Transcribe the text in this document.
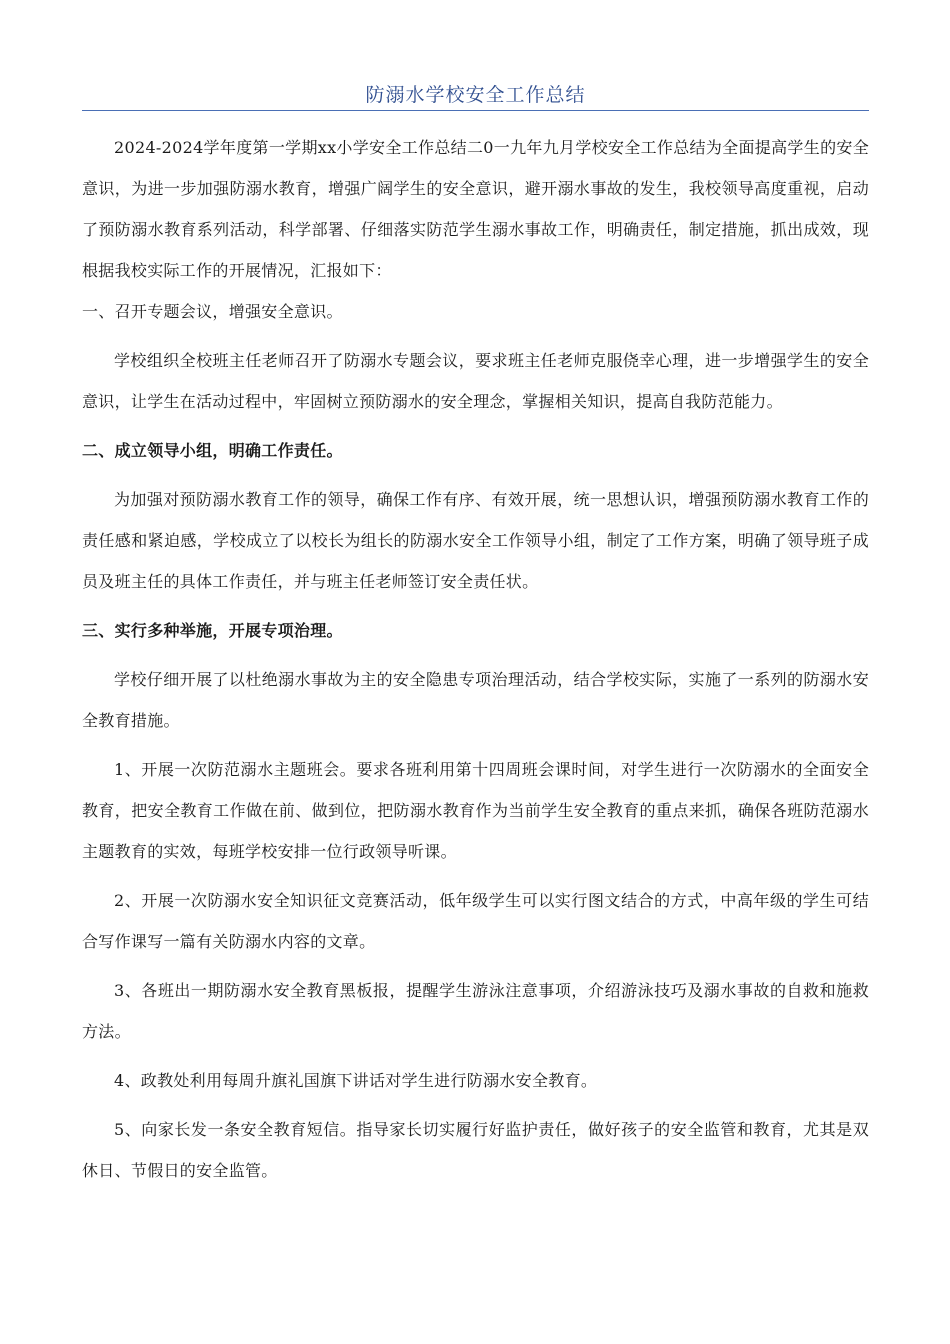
防溺水学校安全工作总结

2024-2024学年度第一学期xx小学安全工作总结二0一九年九月学校安全工作总结为全面提高学生的安全意识，为进一步加强防溺水教育，增强广阔学生的安全意识，避开溺水事故的发生，我校领导高度重视，启动了预防溺水教育系列活动，科学部署、仔细落实防范学生溺水事故工作，明确责任，制定措施，抓出成效，现根据我校实际工作的开展情况，汇报如下：

一、召开专题会议，增强安全意识。

学校组织全校班主任老师召开了防溺水专题会议，要求班主任老师克服侥幸心理，进一步增强学生的安全意识，让学生在活动过程中，牢固树立预防溺水的安全理念，掌握相关知识，提高自我防范能力。

二、成立领导小组，明确工作责任。

为加强对预防溺水教育工作的领导，确保工作有序、有效开展，统一思想认识，增强预防溺水教育工作的责任感和紧迫感，学校成立了以校长为组长的防溺水安全工作领导小组，制定了工作方案，明确了领导班子成员及班主任的具体工作责任，并与班主任老师签订安全责任状。

三、实行多种举施，开展专项治理。

学校仔细开展了以杜绝溺水事故为主的安全隐患专项治理活动，结合学校实际，实施了一系列的防溺水安全教育措施。

1、开展一次防范溺水主题班会。要求各班利用第十四周班会课时间，对学生进行一次防溺水的全面安全教育，把安全教育工作做在前、做到位，把防溺水教育作为当前学生安全教育的重点来抓，确保各班防范溺水主题教育的实效，每班学校安排一位行政领导听课。

2、开展一次防溺水安全知识征文竞赛活动，低年级学生可以实行图文结合的方式，中高年级的学生可结合写作课写一篇有关防溺水内容的文章。

3、各班出一期防溺水安全教育黑板报，提醒学生游泳注意事项，介绍游泳技巧及溺水事故的自救和施救方法。

4、政教处利用每周升旗礼国旗下讲话对学生进行防溺水安全教育。

5、向家长发一条安全教育短信。指导家长切实履行好监护责任，做好孩子的安全监管和教育，尤其是双休日、节假日的安全监管。
